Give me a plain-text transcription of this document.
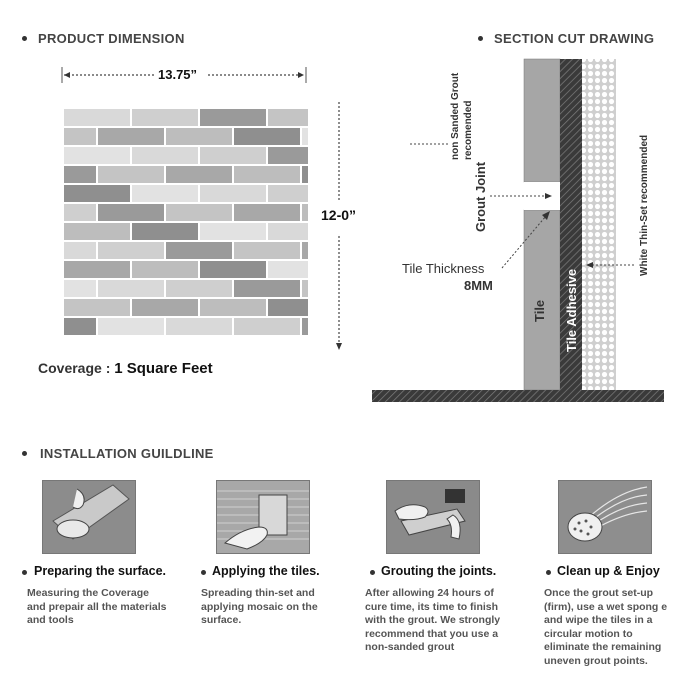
PRODUCT DIMENSION
13.75”
12-0”
Coverage : 1 Square Feet
SECTION CUT DRAWING
non Sanded Grout recomended
Grout Joint
Tile Thickness
8MM
Tile Tile Adhesive
White Thin-Set recommended
INSTALLATION GUILDLINE
Preparing the surface.	Applying the tiles.	Grouting the joints.	Clean up & Enjoy
Measuring the Coverage and prepair all the materials and tools
Spreading thin-set and applying mosaic on the surface.
After allowing 24 hours of cure time, its time to finish with the grout. We strongly recommend that you use a non-sanded grout
Once the grout set-up (firm), use a wet spong e and wipe the tiles in a circular motion to eliminate the remaining uneven grout points.
